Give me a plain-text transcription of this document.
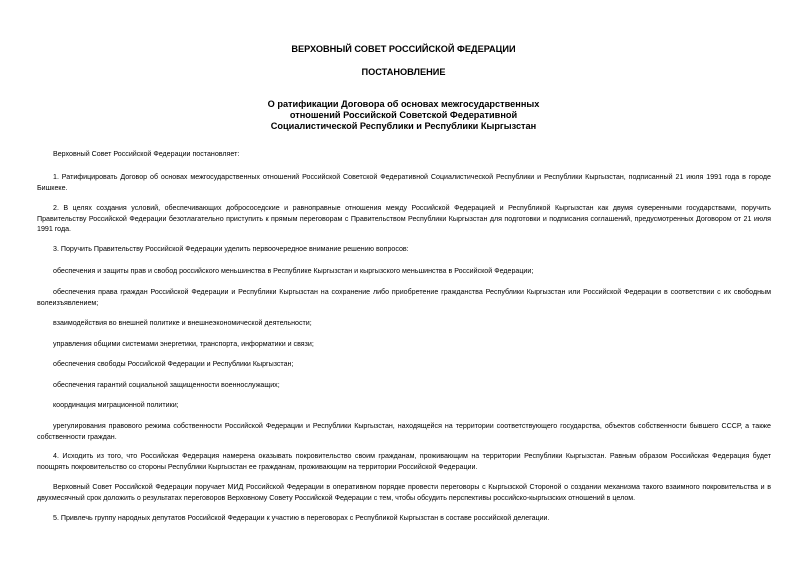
ВЕРХОВНЫЙ СОВЕТ РОССИЙСКОЙ ФЕДЕРАЦИИ
ПОСТАНОВЛЕНИЕ
О ратификации Договора об основах межгосударственных
отношений Российской Советской Федеративной
Социалистической Республики и Республики Кыргызстан

Верховный Совет Российской Федерации постановляет:

1. Ратифицировать Договор об основах межгосударственных отношений Российской Советской Федеративной Социалистической Республики и Республики Кыргызстан, подписанный 21 июля 1991 года в городе Бишкеке.

2. В целях создания условий, обеспечивающих добрососедские и равноправные отношения между Российской Федерацией и Республикой Кыргызстан как двумя суверенными государствами, поручить Правительству Российской Федерации безотлагательно приступить к прямым переговорам с Правительством Республики Кыргызстан для подготовки и подписания соглашений, предусмотренных Договором от 21 июля 1991 года.

3. Поручить Правительству Российской Федерации уделить первоочередное внимание решению вопросов:

обеспечения и защиты прав и свобод российского меньшинства в Республике Кыргызстан и кыргызского меньшинства в Российской Федерации;

обеспечения права граждан Российской Федерации и Республики Кыргызстан на сохранение либо приобретение гражданства Республики Кыргызстан или Российской Федерации в соответствии с их свободным волеизъявлением;

взаимодействия во внешней политике и внешнеэкономической деятельности;

управления общими системами энергетики, транспорта, информатики и связи;

обеспечения свободы Российской Федерации и Республики Кыргызстан;

обеспечения гарантий социальной защищенности военнослужащих;

координация миграционной политики;

урегулирования правового режима собственности Российской Федерации и Республики Кыргызстан, находящейся на территории соответствующего государства, объектов собственности бывшего СССР, а также собственности граждан.

4. Исходить из того, что Российская Федерация намерена оказывать покровительство своим гражданам, проживающим на территории Республики Кыргызстан. Равным образом Российская Федерация будет поощрять покровительство со стороны Республики Кыргызстан ее гражданам, проживающим на территории Российской Федерации.

Верховный Совет Российской Федерации поручает МИД Российской Федерации в оперативном порядке провести переговоры с Кыргызской Стороной о создании механизма такого взаимного покровительства и в двухмесячный срок доложить о результатах переговоров Верховному Совету Российской Федерации с тем, чтобы обсудить перспективы российско-кыргызских отношений в целом.

5. Привлечь группу народных депутатов Российской Федерации к участию в переговорах с Республикой Кыргызстан в составе российской делегации.
